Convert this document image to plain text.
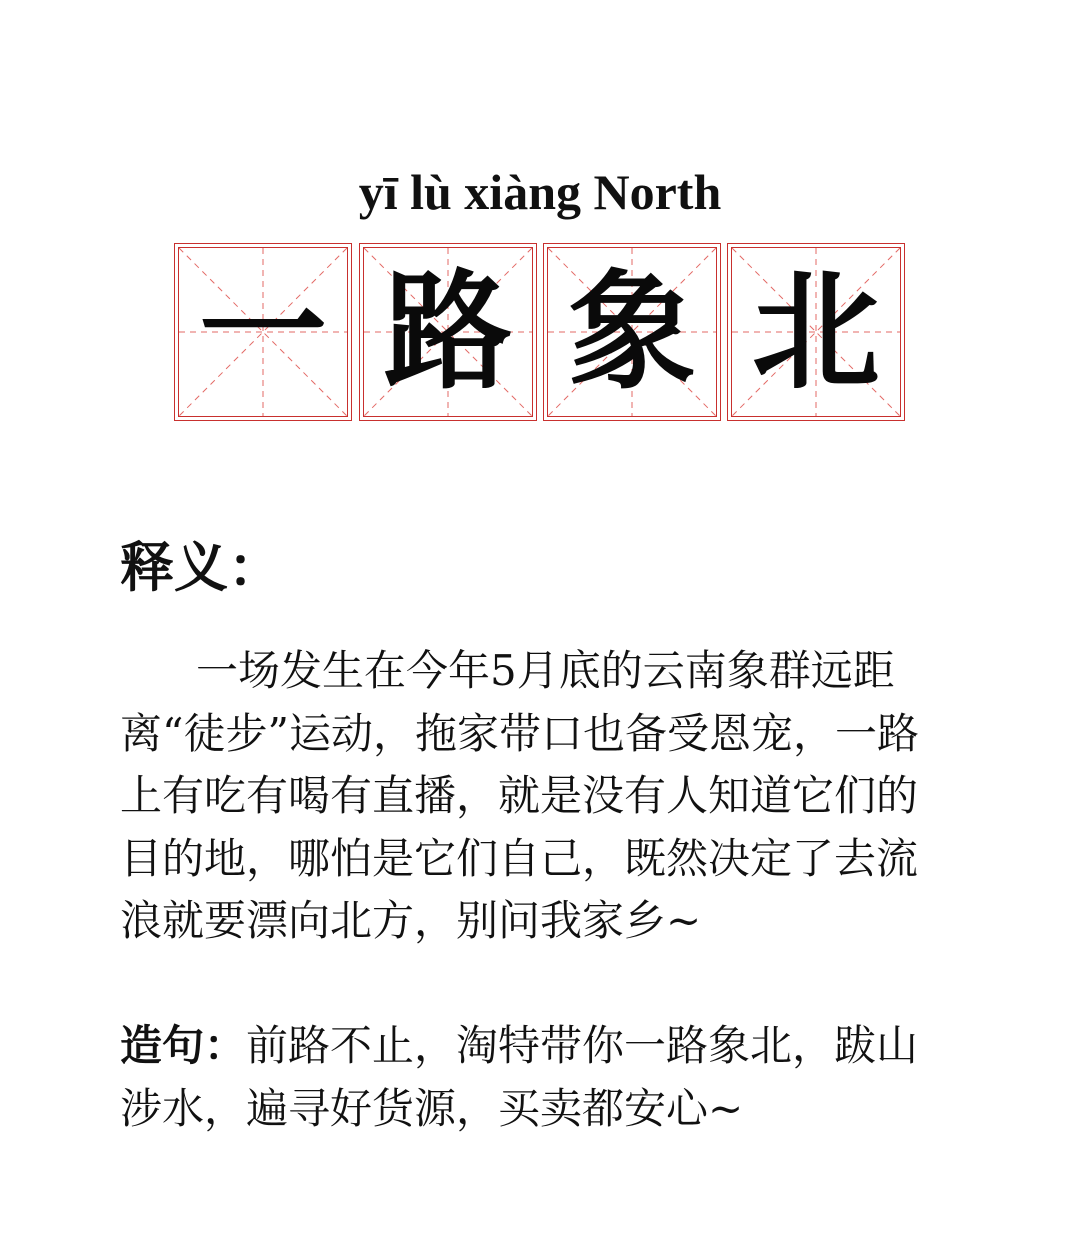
yī lù xiàng North
一 路 象 北
释义：
一场发生在今年5月底的云南象群远距离“徒步”运动，拖家带口也备受恩宠，一路上有吃有喝有直播，就是没有人知道它们的目的地，哪怕是它们自己，既然决定了去流浪就要漂向北方，别问我家乡~
造句：前路不止，淘特带你一路象北，跋山涉水，遍寻好货源，买卖都安心~
